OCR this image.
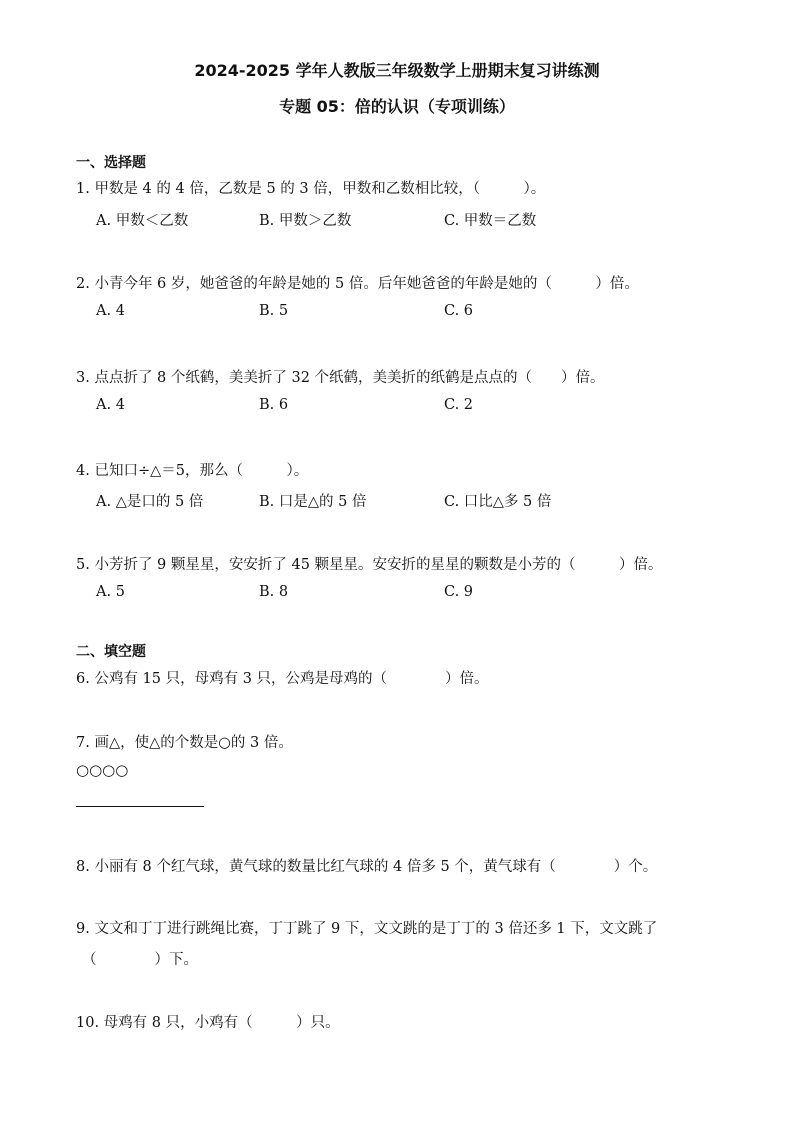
2024-2025 学年人教版三年级数学上册期末复习讲练测
专题 05：倍的认识（专项训练）
一、选择题
1. 甲数是 4 的 4 倍，乙数是 5 的 3 倍，甲数和乙数相比较，（　　　）。
A. 甲数＜乙数	B. 甲数＞乙数	C. 甲数＝乙数
2. 小青今年 6 岁，她爸爸的年龄是她的 5 倍。后年她爸爸的年龄是她的（　　　）倍。
A. 4	B. 5	C. 6
3. 点点折了 8 个纸鹤，美美折了 32 个纸鹤，美美折的纸鹤是点点的（　　）倍。
A. 4	B. 6	C. 2
4. 已知口÷△＝5，那么（　　　）。
A. △是口的 5 倍	B. 口是△的 5 倍	C. 口比△多 5 倍
5. 小芳折了 9 颗星星，安安折了 45 颗星星。安安折的星星的颗数是小芳的（　　　）倍。
A. 5	B. 8	C. 9
二、填空题
6. 公鸡有 15 只，母鸡有 3 只，公鸡是母鸡的（　　　　）倍。
7. 画△，使△的个数是○的 3 倍。
○○○○
8. 小丽有 8 个红气球，黄气球的数量比红气球的 4 倍多 5 个，黄气球有（　　　　）个。
9. 文文和丁丁进行跳绳比赛，丁丁跳了 9 下，文文跳的是丁丁的 3 倍还多 1 下，文文跳了
（　　　　）下。
10. 母鸡有 8 只，小鸡有（　　　）只。
